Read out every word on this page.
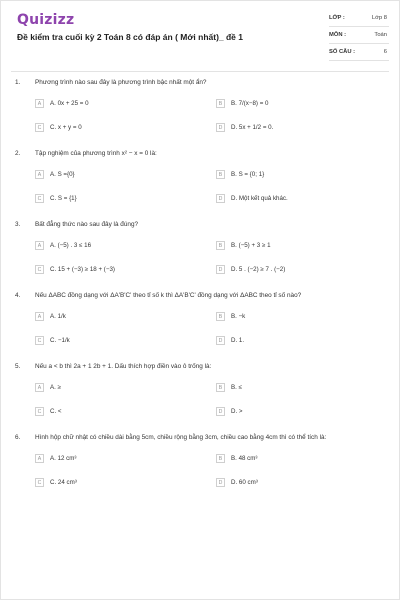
Quizizz
Đề kiểm tra cuối kỳ 2 Toán 8 có đáp án ( Mới nhất)_ đề 1
LỚP :	Lớp 8
MÔN :	Toán
SỐ CÂU :	6
1. Phương trình nào sau đây là phương trình bậc nhất một ẩn?
A	A. 0x + 25 = 0	B	B. 7/(x−8) = 0
C	C. x + y = 0	D	D. 5x + 1/2 = 0.
2. Tập nghiệm của phương trình x² − x = 0 là:
A	A. S ={0}	B	B. S = {0; 1}
C	C. S = {1}	D	D. Một kết quả khác.
3. Bất đẳng thức nào sau đây là đúng?
A	A. (−5) . 3 ≤ 16	B	B. (−5) + 3 ≥ 1
C	C. 15 + (−3) ≥ 18 + (−3)	D	D. 5 . (−2) ≥ 7 . (−2)
4. Nếu ΔABC đồng dạng với ΔA'B'C' theo tỉ số k thì ΔA'B'C' đồng dạng với ΔABC theo tỉ số nào?
A	A. 1/k	B	B. −k
C	C. −1/k	D	D. 1.
5. Nếu a < b thì 2a + 1 2b + 1. Dấu thích hợp điền vào ô trống là:
A	A. ≥	B	B. ≤
C	C. <	D	D. >
6. Hình hộp chữ nhật có chiều dài bằng 5cm, chiều rộng bằng 3cm, chiều cao bằng 4cm thì có thể tích là:
A	A. 12 cm³	B	B. 48 cm³
C	C. 24 cm³	D	D. 60 cm³
